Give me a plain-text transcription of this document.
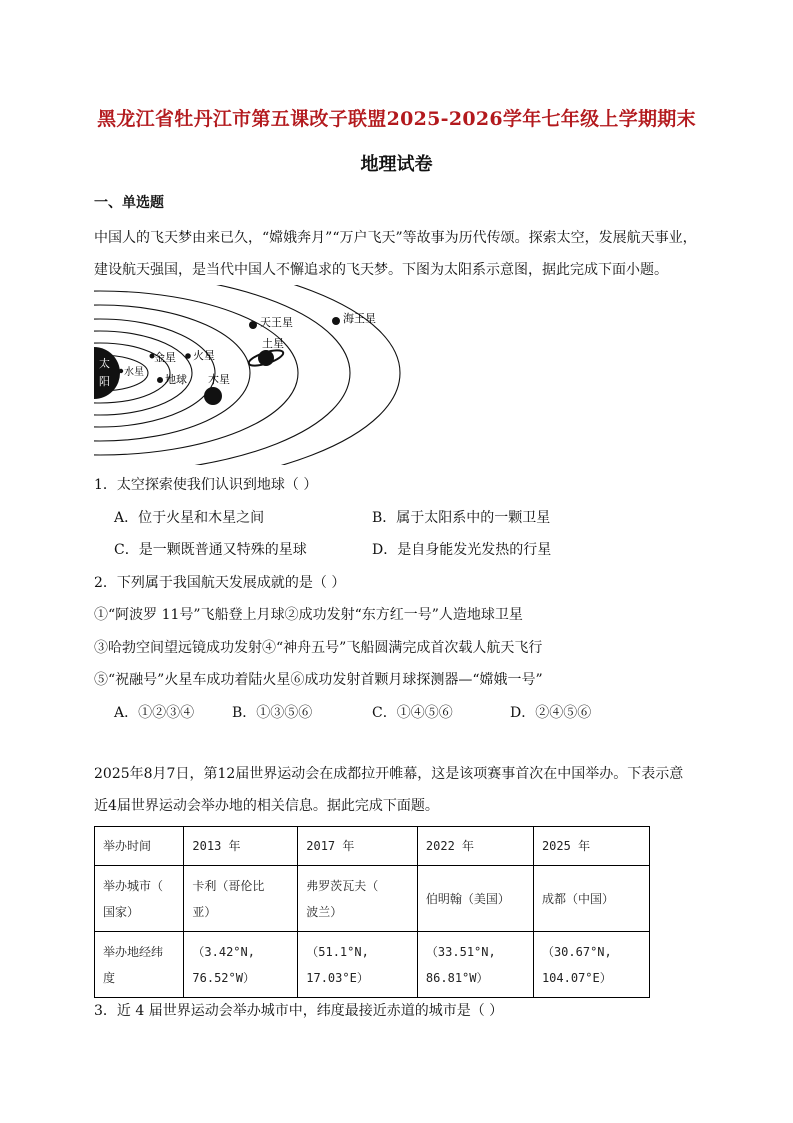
黑龙江省牡丹江市第五课改子联盟2025-2026学年七年级上学期期末
地理试卷
一、单选题
中国人的飞天梦由来已久，“嫦娥奔月”“万户飞天”等故事为历代传颂。探索太空，发展航天事业，
建设航天强国，是当代中国人不懈追求的飞天梦。下图为太阳系示意图，据此完成下面小题。
太
阳
水星
金星
地球
火星
木星
土星
天王星	海王星
1．太空探索使我们认识到地球（ ）
A．位于火星和木星之间	B．属于太阳系中的一颗卫星
C．是一颗既普通又特殊的星球	D．是自身能发光发热的行星
2．下列属于我国航天发展成就的是（ ）
①“阿波罗 11号”飞船登上月球②成功发射“东方红一号”人造地球卫星
③哈勃空间望远镜成功发射④“神舟五号”飞船圆满完成首次载人航天飞行
⑤“祝融号”火星车成功着陆火星⑥成功发射首颗月球探测器—“嫦娥一号”
A．①②③④	B．①③⑤⑥	C．①④⑤⑥	D．②④⑤⑥
2025年8月7日，第12届世界运动会在成都拉开帷幕，这是该项赛事首次在中国举办。下表示意
近4届世界运动会举办地的相关信息。据此完成下面题。
举办时间	2013 年	2017 年	2022 年	2025 年
举办城市（
国家）	卡利（哥伦比
亚）	弗罗茨瓦夫（
波兰）	伯明翰（美国）	成都（中国）
举办地经纬
度	（3.42°N,
76.52°W）	（51.1°N,
17.03°E）	（33.51°N,
86.81°W）	（30.67°N,
104.07°E）
3．近 4 届世界运动会举办城市中，纬度最接近赤道的城市是（ ）
